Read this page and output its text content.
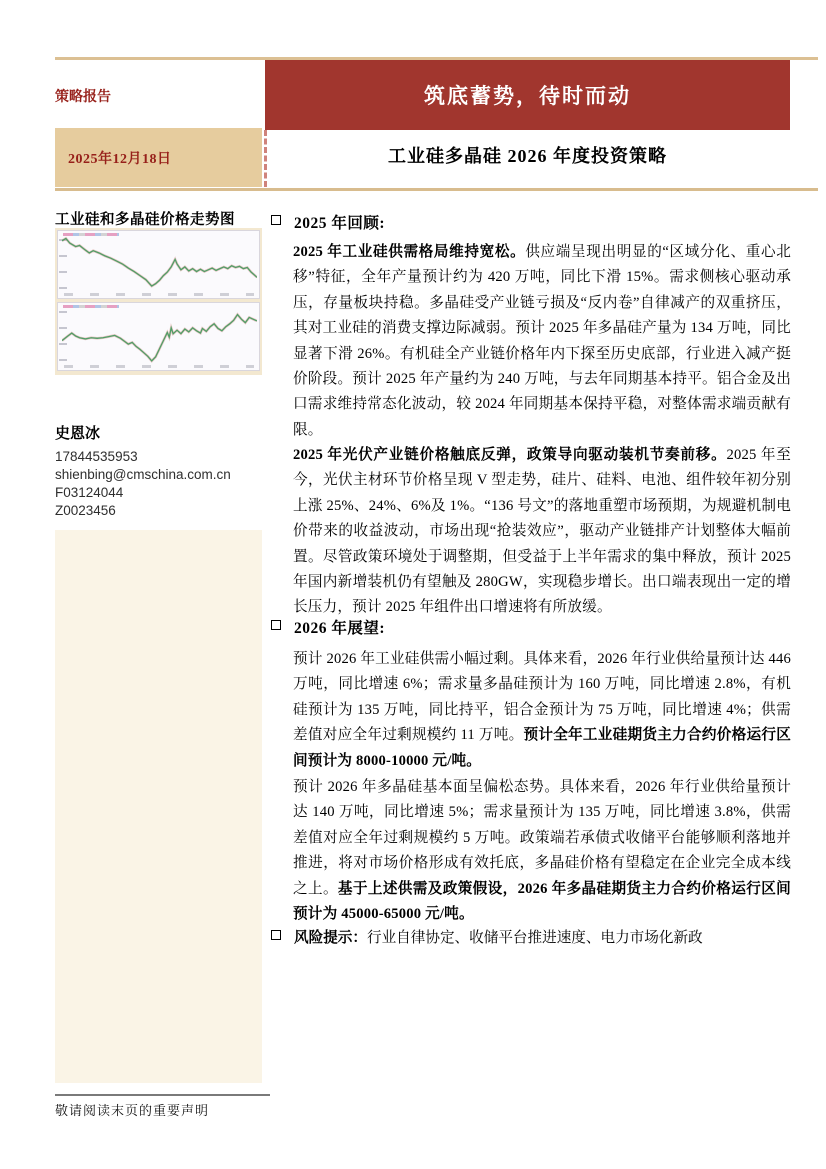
筑底蓄势，待时而动
策略报告
2025年12月18日	工业硅多晶硅 2026 年度投资策略
工业硅和多晶硅价格走势图
史恩冰
17844535953
shienbing@cmschina.com.cn
F03124044
Z0023456
2025 年回顾:
2025 年工业硅供需格局维持宽松。供应端呈现出明显的“区域分化、重心北移”特征，全年产量预计约为 420 万吨，同比下滑 15%。需求侧核心驱动承压，存量板块持稳。多晶硅受产业链亏损及“反内卷”自律减产的双重挤压，其对工业硅的消费支撑边际减弱。预计 2025 年多晶硅产量为 134 万吨，同比显著下滑 26%。有机硅全产业链价格年内下探至历史底部，行业进入减产挺价阶段。预计 2025 年产量约为 240 万吨，与去年同期基本持平。铝合金及出口需求维持常态化波动，较 2024 年同期基本保持平稳，对整体需求端贡献有限。
2025 年光伏产业链价格触底反弹，政策导向驱动装机节奏前移。2025 年至今，光伏主材环节价格呈现 V 型走势，硅片、硅料、电池、组件较年初分别上涨 25%、24%、6%及 1%。“136 号文”的落地重塑市场预期，为规避机制电价带来的收益波动，市场出现“抢装效应”，驱动产业链排产计划整体大幅前置。尽管政策环境处于调整期，但受益于上半年需求的集中释放，预计 2025 年国内新增装机仍有望触及 280GW，实现稳步增长。出口端表现出一定的增长压力，预计 2025 年组件出口增速将有所放缓。
2026 年展望:
预计 2026 年工业硅供需小幅过剩。具体来看，2026 年行业供给量预计达 446 万吨，同比增速 6%；需求量多晶硅预计为 160 万吨，同比增速 2.8%，有机硅预计为 135 万吨，同比持平，铝合金预计为 75 万吨，同比增速 4%；供需差值对应全年过剩规模约 11 万吨。预计全年工业硅期货主力合约价格运行区间预计为 8000-10000 元/吨。
预计 2026 年多晶硅基本面呈偏松态势。具体来看，2026 年行业供给量预计达 140 万吨，同比增速 5%；需求量预计为 135 万吨，同比增速 3.8%，供需差值对应全年过剩规模约 5 万吨。政策端若承债式收储平台能够顺利落地并推进，将对市场价格形成有效托底，多晶硅价格有望稳定在企业完全成本线之上。基于上述供需及政策假设，2026 年多晶硅期货主力合约价格运行区间预计为 45000-65000 元/吨。
风险提示：行业自律协定、收储平台推进速度、电力市场化新政
敬请阅读末页的重要声明
